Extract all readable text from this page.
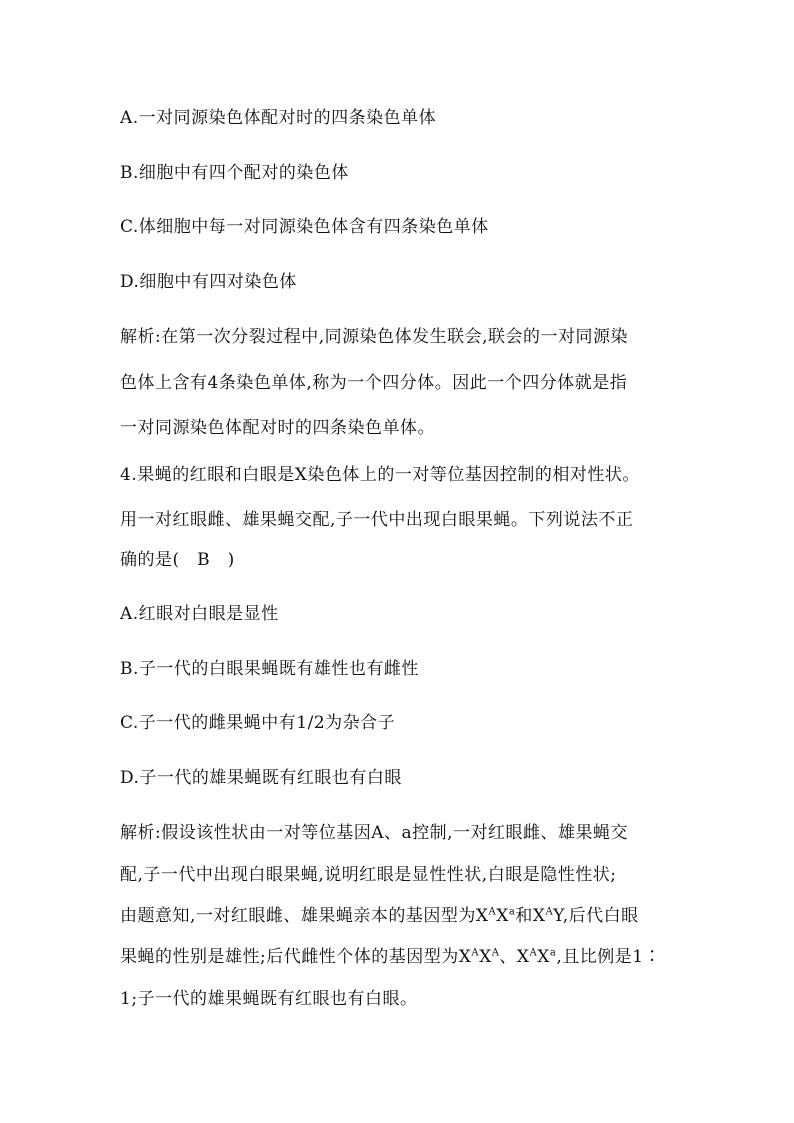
A.一对同源染色体配对时的四条染色单体
B.细胞中有四个配对的染色体
C.体细胞中每一对同源染色体含有四条染色单体
D.细胞中有四对染色体
解析:在第一次分裂过程中,同源染色体发生联会,联会的一对同源染
色体上含有4条染色单体,称为一个四分体。因此一个四分体就是指
一对同源染色体配对时的四条染色单体。
4.果蝇的红眼和白眼是X染色体上的一对等位基因控制的相对性状。
用一对红眼雌、雄果蝇交配,子一代中出现白眼果蝇。下列说法不正
确的是(　B　)
A.红眼对白眼是显性
B.子一代的白眼果蝇既有雄性也有雌性
C.子一代的雌果蝇中有1/2为杂合子
D.子一代的雄果蝇既有红眼也有白眼
解析:假设该性状由一对等位基因A、a控制,一对红眼雌、雄果蝇交
配,子一代中出现白眼果蝇,说明红眼是显性性状,白眼是隐性性状;
由题意知,一对红眼雌、雄果蝇亲本的基因型为$X^AX^a$和$X^AY$,后代白眼
果蝇的性别是雄性;后代雌性个体的基因型为$X^AX^A$、$X^AX^a$,且比例是1∶
1;子一代的雄果蝇既有红眼也有白眼。
